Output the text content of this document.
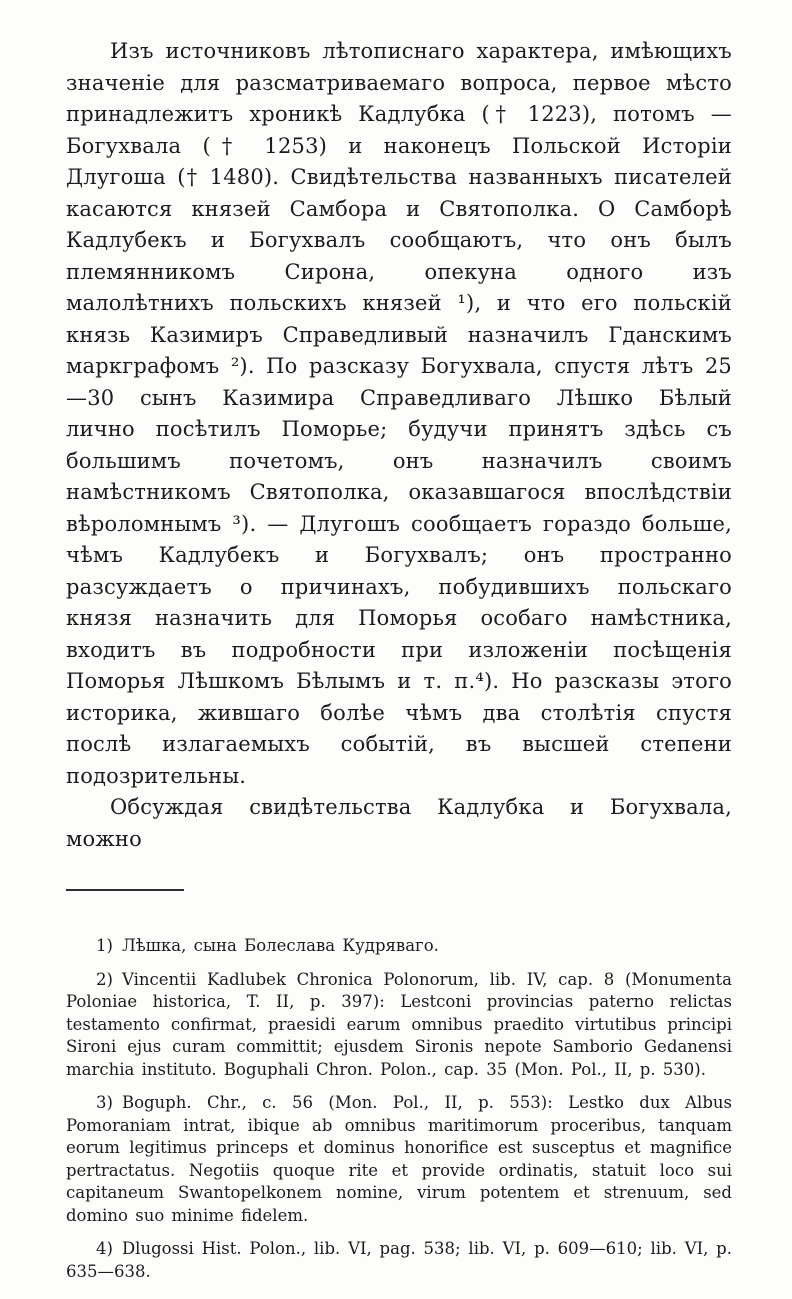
Изъ источниковъ лѣтописнаго характера, имѣющихъ значеніе для разсматриваемаго вопроса, первое мѣсто принадлежитъ хроникѣ Кадлубка († 1223), потомъ — Богухвала († 1253) и наконецъ Польской Исторіи Длугоша († 1480). Свидѣтельства названныхъ писателей касаются князей Самбора и Святополка. О Самборѣ Кадлубекъ и Богухвалъ сообщаютъ, что онъ былъ племянникомъ Сирона, опекуна одного изъ малолѣтнихъ польскихъ князей ¹), и что его польскій князь Казимиръ Справедливый назначилъ Гданскимъ маркграфомъ ²). По разсказу Богухвала, спустя лѣтъ 25—30 сынъ Казимира Справедливаго Лѣшко Бѣлый лично посѣтилъ Поморье; будучи принятъ здѣсь съ большимъ почетомъ, онъ назначилъ своимъ намѣстникомъ Святополка, оказавшагося впослѣдствіи вѣроломнымъ ³). — Длугошъ сообщаетъ гораздо больше, чѣмъ Кадлубекъ и Богухвалъ; онъ пространно разсуждаетъ о причинахъ, побудившихъ польскаго князя назначить для Поморья особаго намѣстника, входитъ въ подробности при изложеніи посѣщенія Поморья Лѣшкомъ Бѣлымъ и т. п.⁴). Но разсказы этого историка, жившаго болѣе чѣмъ два столѣтія спустя послѣ излагаемыхъ событій, въ высшей степени подозрительны.

Обсуждая свидѣтельства Кадлубка и Богухвала, можно

1) Лѣшка, сына Болеслава Кудряваго.

2) Vincentii Kadlubek Chronica Polonorum, lib. IV, cap. 8 (Monumenta Poloniae historica, T. II, p. 397): Lestconi provincias paterno relictas testamento confirmat, praesidi earum omnibus praedito virtutibus principi Sironi ejus curam committit; ejusdem Sironis nepote Samborio Gedanensi marchia instituto. Boguphali Chron. Polon., cap. 35 (Mon. Pol., II, p. 530).

3) Boguph. Chr., c. 56 (Mon. Pol., II, p. 553): Lestko dux Albus Pomoraniam intrat, ibique ab omnibus maritimorum proceribus, tanquam eorum legitimus princeps et dominus honorifice est susceptus et magnifice pertractatus. Negotiis quoque rite et provide ordinatis, statuit loco sui capitaneum Swantopelkonem nomine, virum potentem et strenuum, sed domino suo minime fidelem.

4) Dlugossi Hist. Polon., lib. VI, pag. 538; lib. VI, p. 609—610; lib. VI, p. 635—638.
